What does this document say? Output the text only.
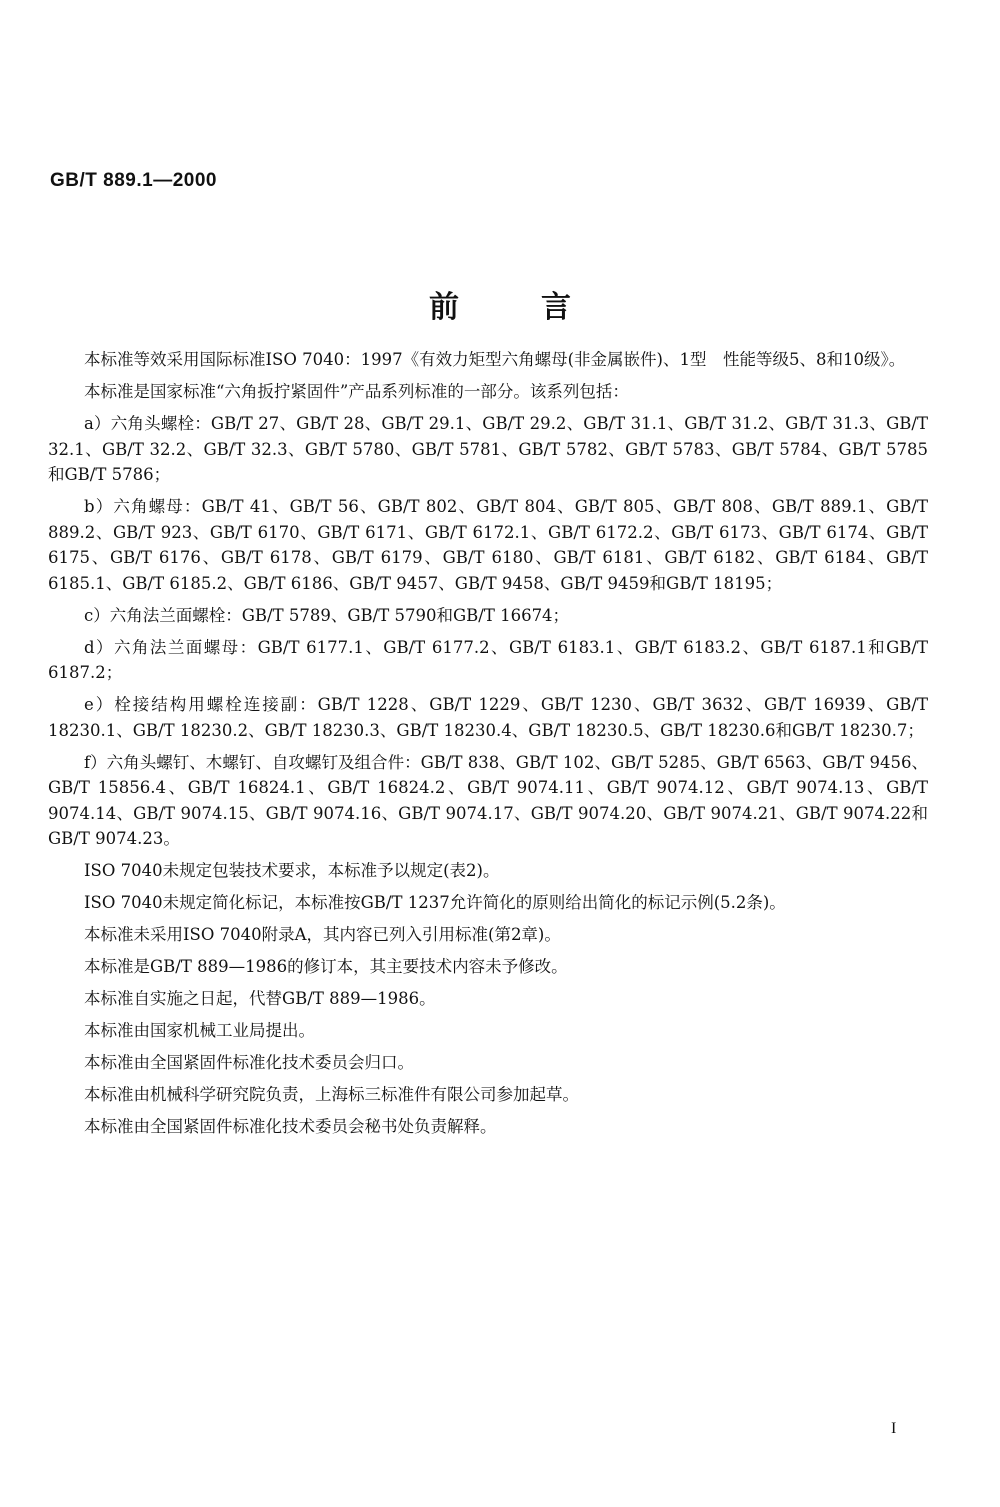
GB/T 889.1—2000
前言

本标准等效采用国际标准ISO 7040：1997《有效力矩型六角螺母(非金属嵌件)、1型　性能等级5、8和10级》。

本标准是国家标准“六角扳拧紧固件”产品系列标准的一部分。该系列包括：

a）六角头螺栓：GB/T 27、GB/T 28、GB/T 29.1、GB/T 29.2、GB/T 31.1、GB/T 31.2、GB/T 31.3、GB/T 32.1、GB/T 32.2、GB/T 32.3、GB/T 5780、GB/T 5781、GB/T 5782、GB/T 5783、GB/T 5784、GB/T 5785和GB/T 5786；

b）六角螺母：GB/T 41、GB/T 56、GB/T 802、GB/T 804、GB/T 805、GB/T 808、GB/T 889.1、GB/T 889.2、GB/T 923、GB/T 6170、GB/T 6171、GB/T 6172.1、GB/T 6172.2、GB/T 6173、GB/T 6174、GB/T 6175、GB/T 6176、GB/T 6178、GB/T 6179、GB/T 6180、GB/T 6181、GB/T 6182、GB/T 6184、GB/T 6185.1、GB/T 6185.2、GB/T 6186、GB/T 9457、GB/T 9458、GB/T 9459和GB/T 18195；

c）六角法兰面螺栓：GB/T 5789、GB/T 5790和GB/T 16674；

d）六角法兰面螺母：GB/T 6177.1、GB/T 6177.2、GB/T 6183.1、GB/T 6183.2、GB/T 6187.1和GB/T 6187.2；

e）栓接结构用螺栓连接副：GB/T 1228、GB/T 1229、GB/T 1230、GB/T 3632、GB/T 16939、GB/T 18230.1、GB/T 18230.2、GB/T 18230.3、GB/T 18230.4、GB/T 18230.5、GB/T 18230.6和GB/T 18230.7；

f）六角头螺钉、木螺钉、自攻螺钉及组合件：GB/T 838、GB/T 102、GB/T 5285、GB/T 6563、GB/T 9456、GB/T 15856.4、GB/T 16824.1、GB/T 16824.2、GB/T 9074.11、GB/T 9074.12、GB/T 9074.13、GB/T 9074.14、GB/T 9074.15、GB/T 9074.16、GB/T 9074.17、GB/T 9074.20、GB/T 9074.21、GB/T 9074.22和GB/T 9074.23。

ISO 7040未规定包装技术要求，本标准予以规定(表2)。

ISO 7040未规定简化标记，本标准按GB/T 1237允许简化的原则给出简化的标记示例(5.2条)。

本标准未采用ISO 7040附录A，其内容已列入引用标准(第2章)。

本标准是GB/T 889—1986的修订本，其主要技术内容未予修改。

本标准自实施之日起，代替GB/T 889—1986。

本标准由国家机械工业局提出。

本标准由全国紧固件标准化技术委员会归口。

本标准由机械科学研究院负责，上海标三标准件有限公司参加起草。

本标准由全国紧固件标准化技术委员会秘书处负责解释。

I
